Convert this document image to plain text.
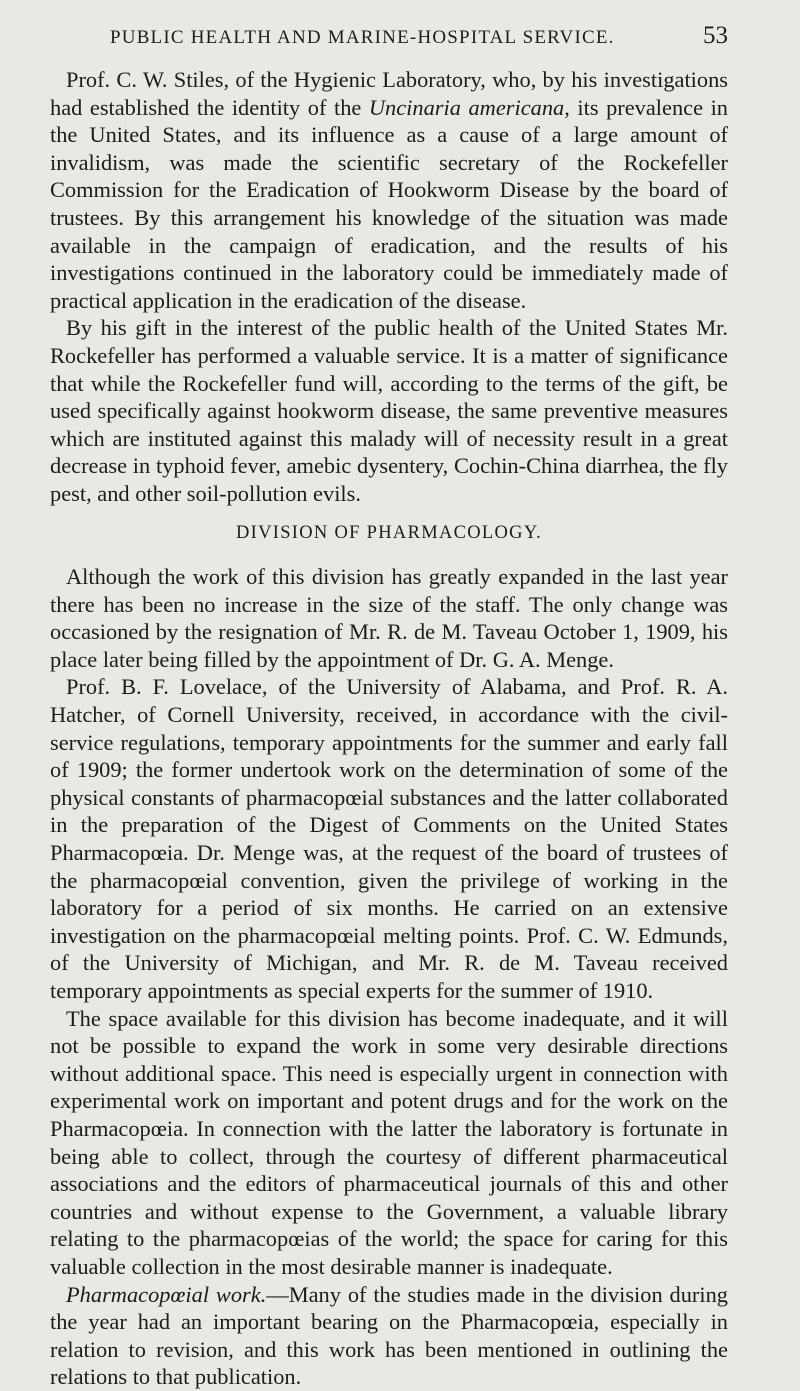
PUBLIC HEALTH AND MARINE-HOSPITAL SERVICE.	53

Prof. C. W. Stiles, of the Hygienic Laboratory, who, by his investigations had established the identity of the Uncinaria americana, its prevalence in the United States, and its influence as a cause of a large amount of invalidism, was made the scientific secretary of the Rockefeller Commission for the Eradication of Hookworm Disease by the board of trustees. By this arrangement his knowledge of the situation was made available in the campaign of eradication, and the results of his investigations continued in the laboratory could be immediately made of practical application in the eradication of the disease.

By his gift in the interest of the public health of the United States Mr. Rockefeller has performed a valuable service. It is a matter of significance that while the Rockefeller fund will, according to the terms of the gift, be used specifically against hookworm disease, the same preventive measures which are instituted against this malady will of necessity result in a great decrease in typhoid fever, amebic dysentery, Cochin-China diarrhea, the fly pest, and other soil-pollution evils.

DIVISION OF PHARMACOLOGY.

Although the work of this division has greatly expanded in the last year there has been no increase in the size of the staff. The only change was occasioned by the resignation of Mr. R. de M. Taveau October 1, 1909, his place later being filled by the appointment of Dr. G. A. Menge.

Prof. B. F. Lovelace, of the University of Alabama, and Prof. R. A. Hatcher, of Cornell University, received, in accordance with the civil-service regulations, temporary appointments for the summer and early fall of 1909; the former undertook work on the determination of some of the physical constants of pharmacopœial substances and the latter collaborated in the preparation of the Digest of Comments on the United States Pharmacopœia. Dr. Menge was, at the request of the board of trustees of the pharmacopœial convention, given the privilege of working in the laboratory for a period of six months. He carried on an extensive investigation on the pharmacopœial melting points. Prof. C. W. Edmunds, of the University of Michigan, and Mr. R. de M. Taveau received temporary appointments as special experts for the summer of 1910.

The space available for this division has become inadequate, and it will not be possible to expand the work in some very desirable directions without additional space. This need is especially urgent in connection with experimental work on important and potent drugs and for the work on the Pharmacopœia. In connection with the latter the laboratory is fortunate in being able to collect, through the courtesy of different pharmaceutical associations and the editors of pharmaceutical journals of this and other countries and without expense to the Government, a valuable library relating to the pharmacopœias of the world; the space for caring for this valuable collection in the most desirable manner is inadequate.

Pharmacopœial work.—Many of the studies made in the division during the year had an important bearing on the Pharmacopœia, especially in relation to revision, and this work has been mentioned in outlining the relations to that publication.
